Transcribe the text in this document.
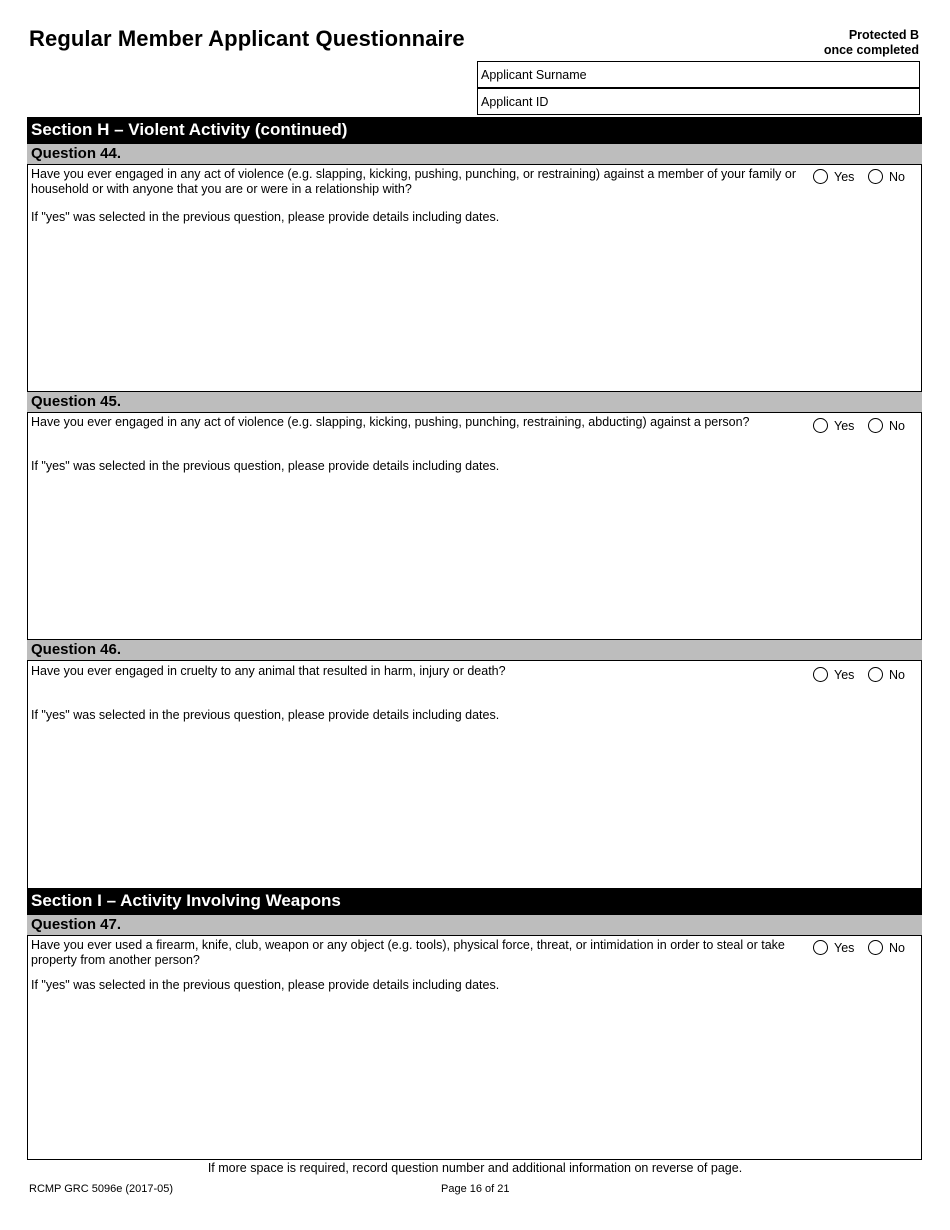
Regular Member Applicant Questionnaire	Protected B
once completed
Applicant Surname
Applicant ID
Section H – Violent Activity (continued)
Question 44.
Have you ever engaged in any act of violence (e.g. slapping, kicking, pushing, punching, or restraining) against a member of your family or household or with anyone that you are or were in a relationship with?
Yes	No
If "yes" was selected in the previous question, please provide details including dates.
Question 45.
Have you ever engaged in any act of violence (e.g. slapping, kicking, pushing, punching, restraining, abducting) against a person?	Yes	No
If "yes" was selected in the previous question, please provide details including dates.
Question 46.
Have you ever engaged in cruelty to any animal that resulted in harm, injury or death?	Yes	No
If "yes" was selected in the previous question, please provide details including dates.
Section I – Activity Involving Weapons
Question 47.
Have you ever used a firearm, knife, club, weapon or any object (e.g. tools), physical force, threat, or intimidation in order to steal or take property from another person?
Yes	No
If "yes" was selected in the previous question, please provide details including dates.
If more space is required, record question number and additional information on reverse of page.
RCMP GRC 5096e (2017-05)	Page 16 of 21
